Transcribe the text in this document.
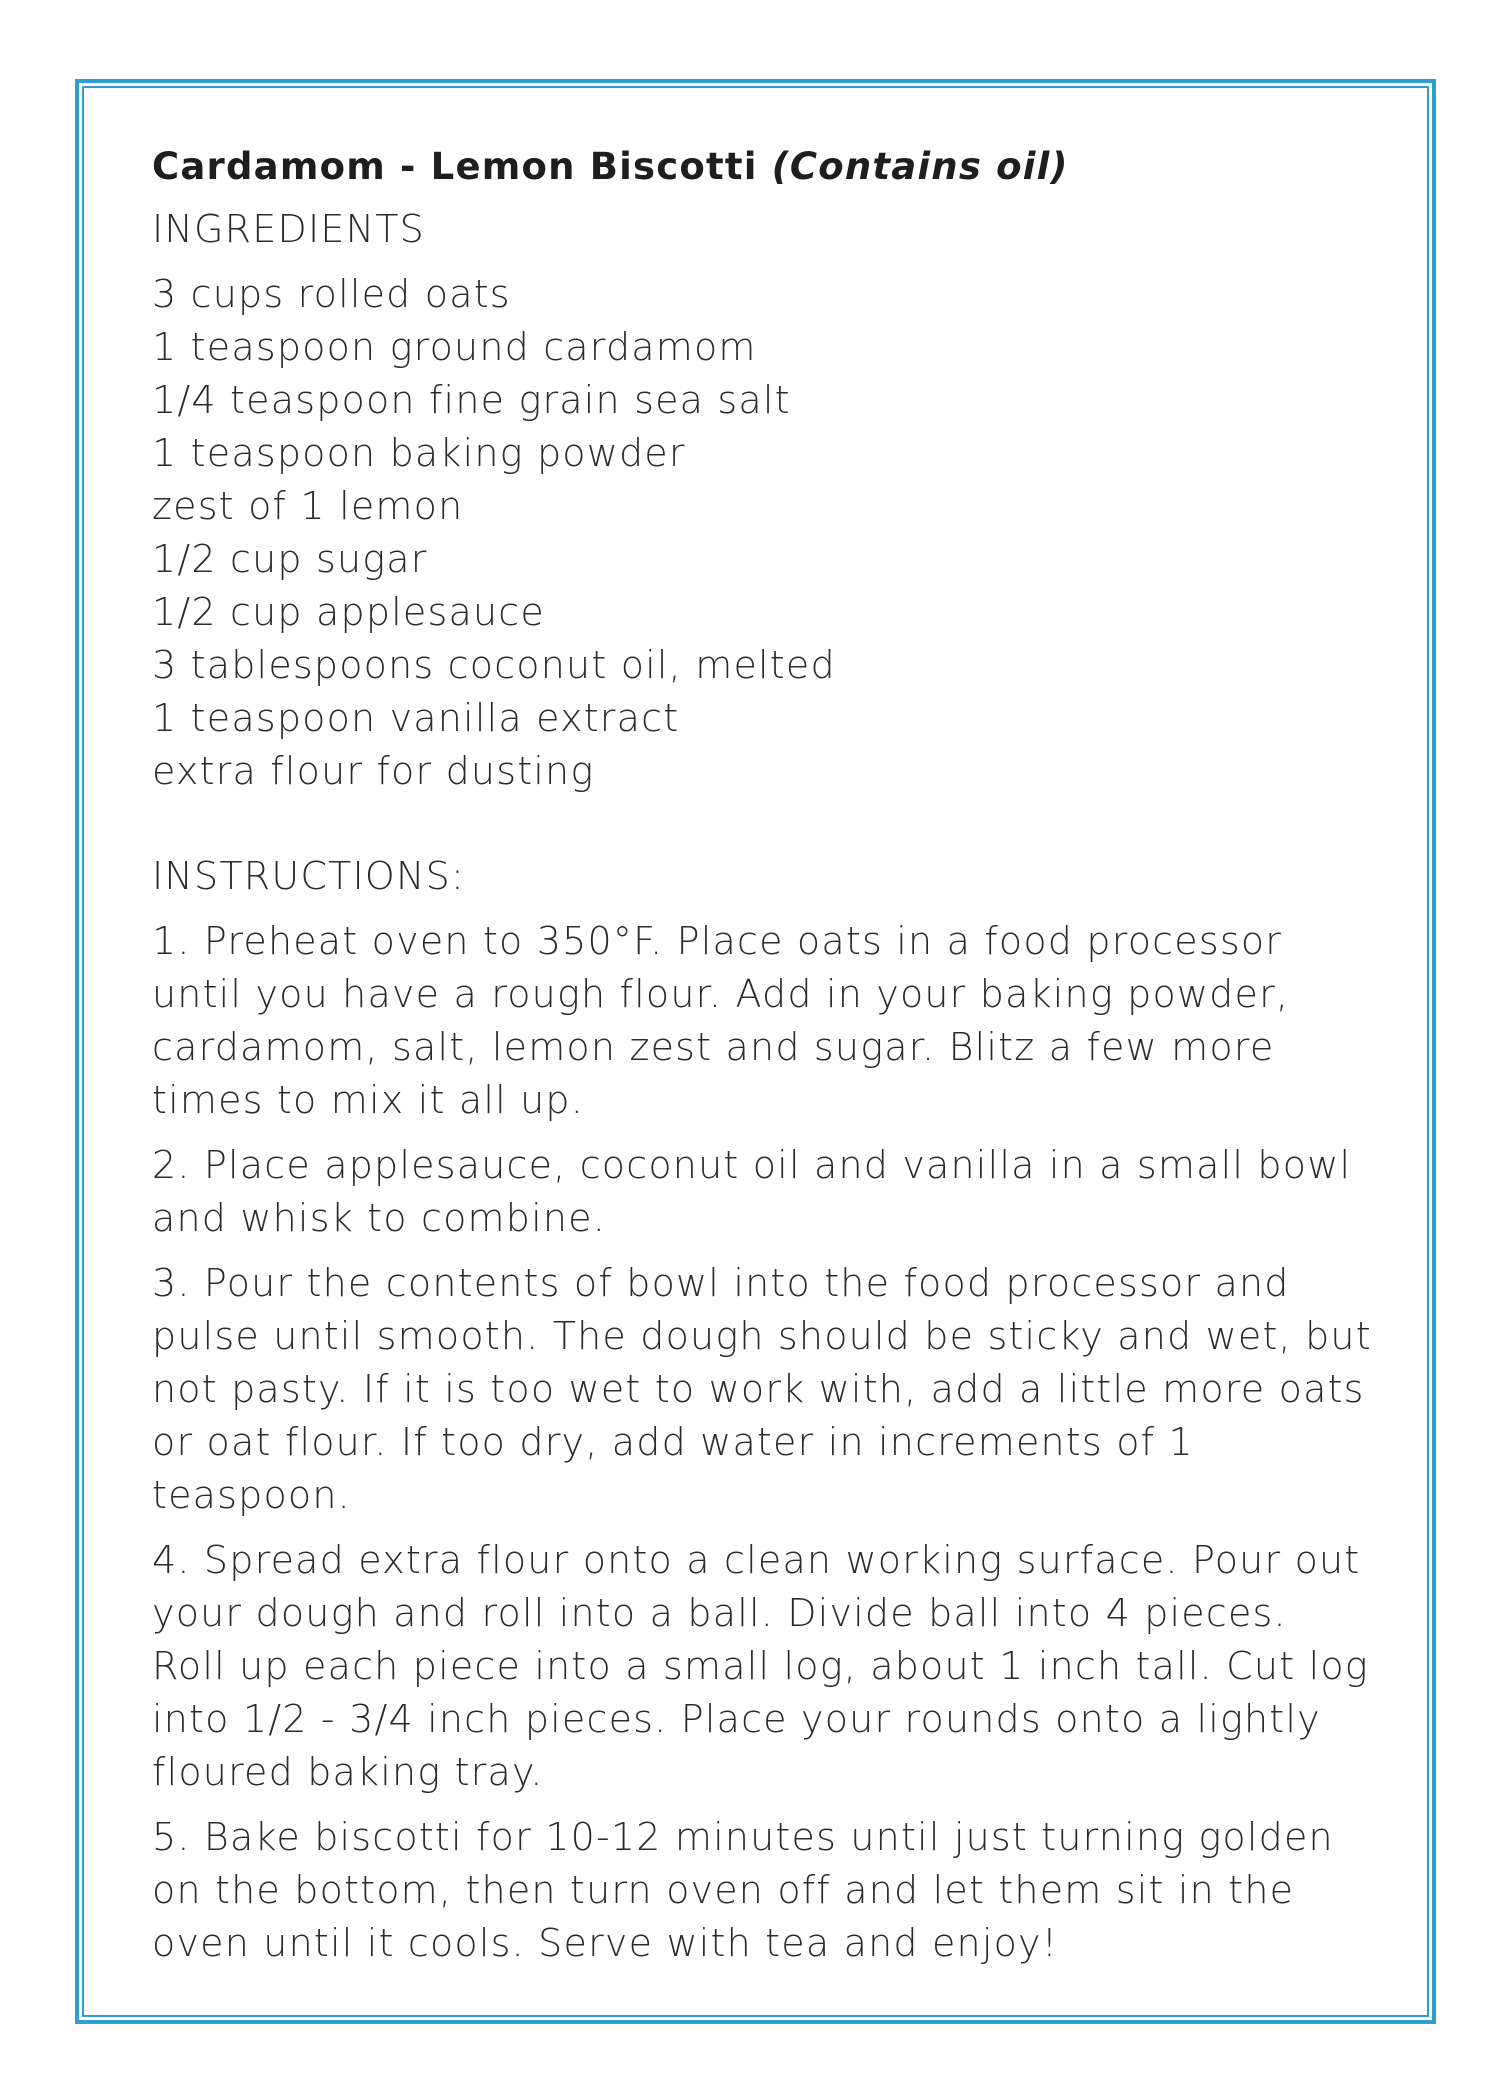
Cardamom - Lemon Biscotti (Contains oil)
INGREDIENTS
3 cups rolled oats
1 teaspoon ground cardamom
1/4 teaspoon fine grain sea salt
1 teaspoon baking powder
zest of 1 lemon
1/2 cup sugar
1/2 cup applesauce
3 tablespoons coconut oil, melted
1 teaspoon vanilla extract
extra flour for dusting
INSTRUCTIONS:
1. Preheat oven to 350°F. Place oats in a food processor until you have a rough flour. Add in your baking powder, cardamom, salt, lemon zest and sugar. Blitz a few more times to mix it all up.
2. Place applesauce, coconut oil and vanilla in a small bowl and whisk to combine.
3. Pour the contents of bowl into the food processor and pulse until smooth. The dough should be sticky and wet, but not pasty. If it is too wet to work with, add a little more oats or oat flour. If too dry, add water in increments of 1 teaspoon.
4. Spread extra flour onto a clean working surface. Pour out your dough and roll into a ball. Divide ball into 4 pieces. Roll up each piece into a small log, about 1 inch tall. Cut log into 1/2 - 3/4 inch pieces. Place your rounds onto a lightly floured baking tray.
5. Bake biscotti for 10-12 minutes until just turning golden on the bottom, then turn oven off and let them sit in the oven until it cools. Serve with tea and enjoy!
